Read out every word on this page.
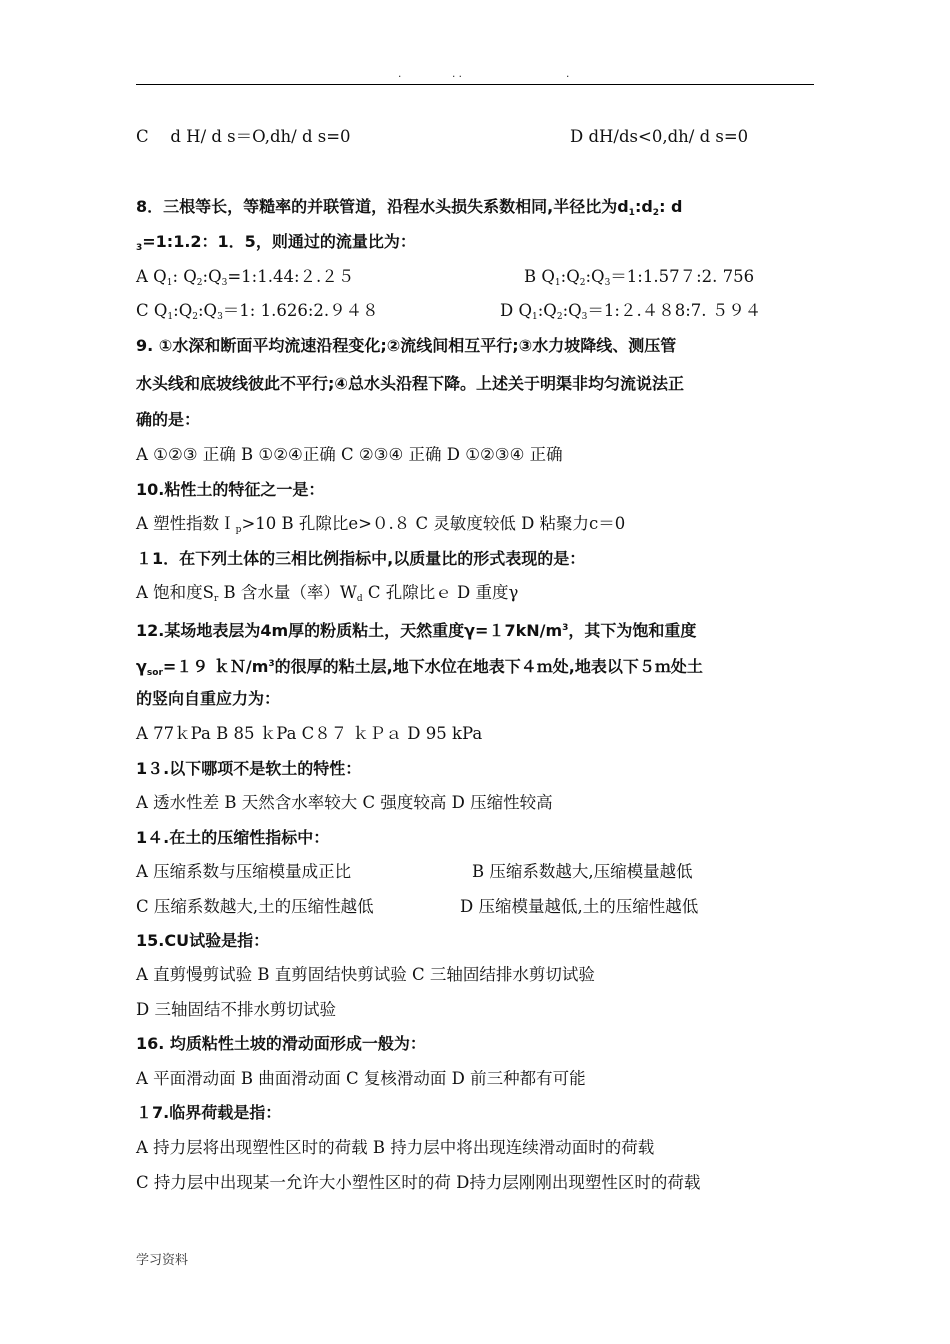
.	. .	.
C　 d H/ d s＝O,dh/ d s=0	D dH/ds<0,dh/ d s=0
8．三根等长，等糙率的并联管道，沿程水头损失系数相同,半径比为$d_1:d_2$: d
$_3$=1:1.2：1．5，则通过的流量比为：
A $Q_1$: $Q_2:Q_3=1:1.44:2.25$	B $Q_1:Q_2:Q_3=1:1.577:2$. 756
C $Q_1:Q_2:Q_3=1$: 1.626:2.９４８	D $Q_1:Q_2:Q_3=1:2.488:7$. ５９４
9. ①水深和断面平均流速沿程变化;②流线间相互平行;③水力坡降线、测压管
水头线和底坡线彼此不平行;④总水头沿程下降。上述关于明渠非均匀流说法正
确的是：
A ①②③ 正确 B ①②④正确 C ②③④ 正确 D ①②③④ 正确
10.粘性土的特征之一是：
A 塑性指数Ｉ$_p$>10 B 孔隙比e>０.８ C 灵敏度较低 D 粘聚力c＝0
１1．在下列土体的三相比例指标中,以质量比的形式表现的是：
A 饱和度$S_r$ B 含水量（率）$W_d$ C 孔隙比ｅ D 重度γ
12.某场地表层为4m厚的粉质粘土，天然重度$\gamma=17kN/m^3$，其下为饱和重度
$\gamma_{sor}=19$ $kN/m^3$的很厚的粘土层,地下水位在地表下４ｍ处,地表以下５ｍ处土
的竖向自重应力为：
A 77ｋPa B 85 ｋPa C８７ ｋＰａ D 95 kPa
1３.以下哪项不是软土的特性：
A 透水性差 B 天然含水率较大 C 强度较高 D 压缩性较高
1４.在土的压缩性指标中：
A 压缩系数与压缩模量成正比	B 压缩系数越大,压缩模量越低
C 压缩系数越大,土的压缩性越低	D 压缩模量越低,土的压缩性越低
15.CU试验是指：
A 直剪慢剪试验 B 直剪固结快剪试验 C 三轴固结排水剪切试验
D 三轴固结不排水剪切试验
16. 均质粘性土坡的滑动面形成一般为：
A 平面滑动面 B 曲面滑动面 C 复核滑动面 D 前三种都有可能
１7.临界荷载是指：
A 持力层将出现塑性区时的荷载 B 持力层中将出现连续滑动面时的荷载
C 持力层中出现某一允许大小塑性区时的荷 D持力层刚刚出现塑性区时的荷载
学习资料
